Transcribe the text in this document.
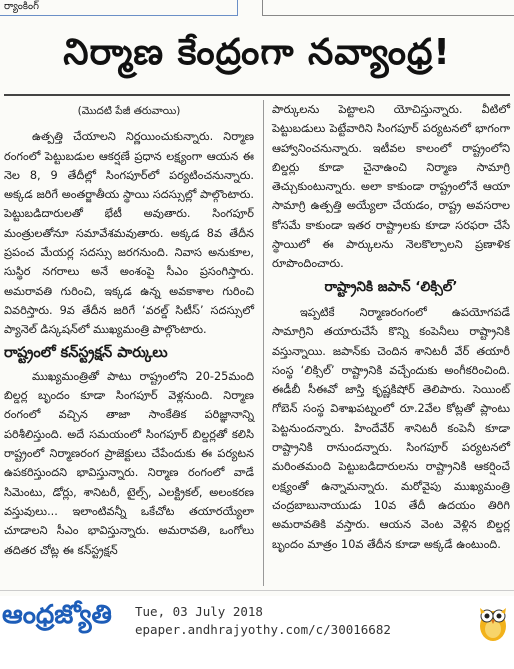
ర్యాంకింగ్‌
నిర్మాణ కేంద్రంగా నవ్యాంధ్ర!
(మొదటి పేజీ తరువాయి)

ఉత్పత్తి చేయాలని నిర్ణయించుకున్నారు. నిర్మాణ రంగంలో పెట్టుబడుల ఆకర్షణే ప్రధాన లక్ష్యంగా ఆయన ఈ నెల 8, 9 తేదీల్లో సింగపూర్‌లో పర్యటించనున్నారు. అక్కడ జరిగే అంతర్జాతీయ స్థాయి సదస్సుల్లో పాల్గొంటారు. పెట్టుబడిదారులతో భేటీ అవుతారు. సింగపూర్‌ మంత్రులతోనూ సమావేశమవుతారు. అక్కడ 8వ తేదీన ప్రపంచ మేయర్ల సదస్సు జరగనుంది. నివాస అనుకూల, సుస్థిర నగరాలు అనే అంశంపై సీఎం ప్రసంగిస్తారు. అమరావతి గురించి, ఇక్కడ ఉన్న అవకాశాల గురించి వివరిస్తారు. 9వ తేదీన జరిగే ‘వరల్డ్‌ సిటీస్‌’ సదస్సులో ప్యానెల్‌ డిస్కషన్‌లో ముఖ్యమంత్రి పాల్గొంటారు.

రాష్ట్రంలో కన్‌స్ట్రక్షన్‌ పార్కులు

ముఖ్యమంత్రితో పాటు రాష్ట్రంలోని 20-25మంది బిల్డర్ల బృందం కూడా సింగపూర్‌ వెళ్లనుంది. నిర్మాణ రంగంలో వచ్చిన తాజా సాంకేతిక పరిజ్ఞానాన్ని పరిశీలిస్తుంది. అదే సమయంలో సింగపూర్‌ బిల్డర్లతో కలిసి రాష్ట్రంలో నిర్మాణరంగ ప్రాజెక్టులు చేపేందుకు ఈ పర్యటన ఉపకరిస్తుందని భావిస్తున్నారు. నిర్మాణ రంగంలో వాడే సిమెంటు, డోర్లు, శానిటరీ, టైల్స్‌, ఎలక్ట్రికల్‌, అలంకరణ వస్తువులు... ఇలాంటివన్నీ ఒకేచోట తయారయ్యేలా చూడాలని సీఎం భావిస్తున్నారు. అమరావతి, ఒంగోలు తదితర చోట్ల ఈ కన్‌స్ట్రక్షన్‌

పార్కులను పెట్టాలని యోచిస్తున్నారు. వీటిలో పెట్టుబడులు పెట్టేవారిని సింగపూర్‌ పర్యటనలో భాగంగా ఆహ్వానించనున్నారు. ఇటీవల కాలంలో రాష్ట్రంలోని బిల్డర్లు కూడా చైనాఉంచి నిర్మాణ సామాగ్రి తెచ్చుకుంటున్నారు. అలా కాకుండా రాష్ట్రంలోనే ఆయా సామాగ్రి ఉత్పత్తి అయ్యేలా చేయడం, రాష్ట్ర అవసరాల కోసమే కాకుండా ఇతర రాష్ట్రాలకు కూడా సరఫరా చేసే స్థాయిలో ఈ పార్కులను నెలకొల్పాలని ప్రణాళిక రూపొందించారు.

రాష్ట్రానికి జపాన్‌ ‘లిక్సిల్‌’

ఇప్పటికే నిర్మాణరంగంలో ఉపయోగపడే సామాగ్రిని తయారుచేసే కొన్ని కంపెనీలు రాష్ట్రానికి వస్తున్నాయి. జపాన్‌కు చెందిన శానిటరీ వేర్‌ తయారీ సంస్థ ‘లిక్సిల్‌’ రాష్ట్రానికి వచ్చేందుకు అంగీకరించింది. ఈడీబీ సీఈవో జాస్తి కృష్ణకిషోర్‌ తెలిపారు. సెయింట్‌ గోబెన్‌ సంస్థ విశాఖపట్నంలో రూ.2వేల కోట్లతో ప్లాంటు పెట్టనుందన్నారు. హిందేవేర్‌ శానిటరీ కంపెనీ కూడా రాష్ట్రానికి రానుందన్నారు. సింగపూర్‌ పర్యటనలో మరింతమంది పెట్టుబడిదారులను రాష్ట్రానికి ఆకర్షించే లక్ష్యంతో ఉన్నామన్నారు. మరోవైపు ముఖ్యమంత్రి చంద్రబాబునాయుడు 10వ తేదీ ఉదయం తిరిగి అమరావతికి వస్తారు. ఆయన వెంట వెళ్లిన బిల్డర్ల బృందం మాత్రం 10వ తేదీన కూడా అక్కడే ఉంటుంది.

ఆంధ్రజ్యోతి Tue, 03 July 2018
epaper.andhrajyothy.com/c/30016682
